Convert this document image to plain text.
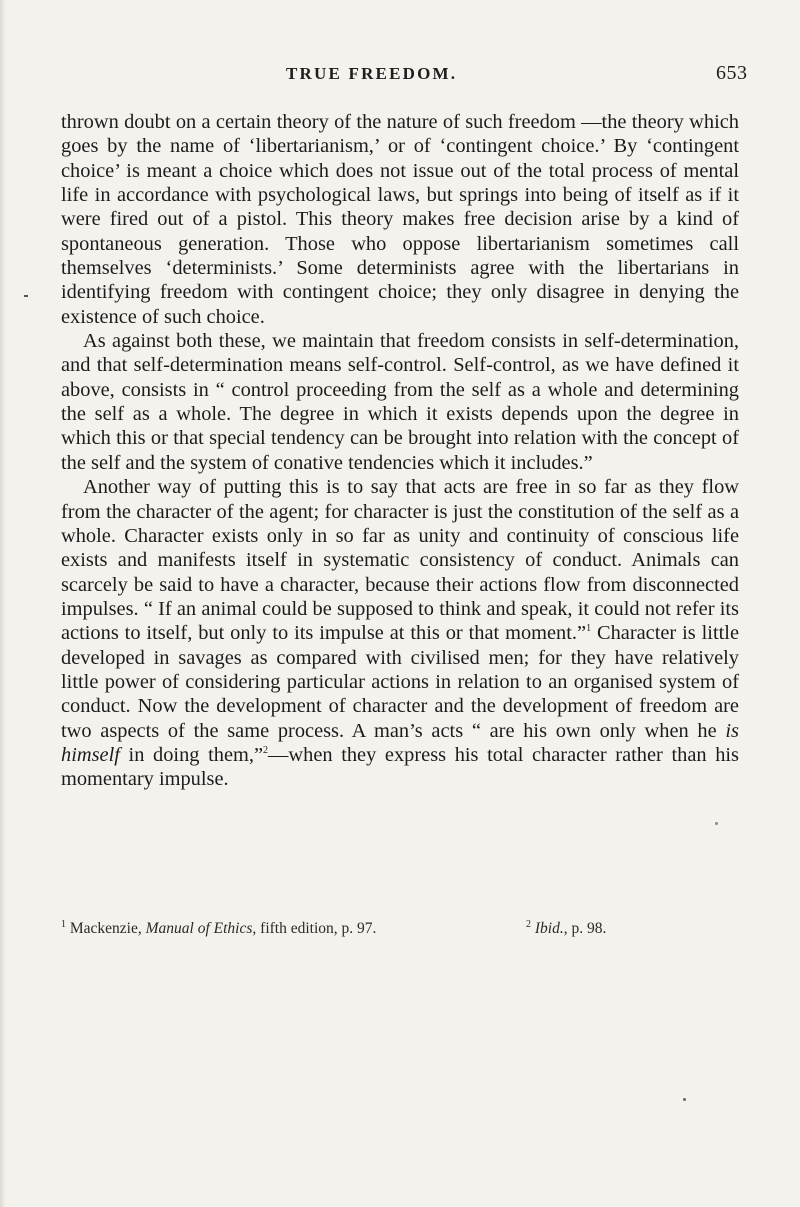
TRUE FREEDOM.	653

thrown doubt on a certain theory of the nature of such freedom —the theory which goes by the name of ‘libertarianism,’ or of ‘contingent choice.’ By ‘contingent choice’ is meant a choice which does not issue out of the total process of mental life in accordance with psychological laws, but springs into being of itself as if it were fired out of a pistol. This theory makes free decision arise by a kind of spontaneous generation. Those who oppose libertarianism sometimes call themselves ‘determinists.’ Some determinists agree with the libertarians in identifying freedom with contingent choice; they only disagree in denying the existence of such choice.

As against both these, we maintain that freedom consists in self-determination, and that self-determination means self-control. Self-control, as we have defined it above, consists in “ control proceeding from the self as a whole and determining the self as a whole. The degree in which it exists depends upon the degree in which this or that special tendency can be brought into relation with the concept of the self and the system of conative tendencies which it includes.”

Another way of putting this is to say that acts are free in so far as they flow from the character of the agent; for character is just the constitution of the self as a whole. Character exists only in so far as unity and continuity of conscious life exists and manifests itself in systematic consistency of conduct. Animals can scarcely be said to have a character, because their actions flow from disconnected impulses. “ If an animal could be supposed to think and speak, it could not refer its actions to itself, but only to its impulse at this or that moment.”$^1$ Character is little developed in savages as compared with civilised men; for they have relatively little power of considering particular actions in relation to an organised system of conduct. Now the development of character and the development of freedom are two aspects of the same process. A man’s acts “ are his own only when he is himself in doing them,”$^2$—when they express his total character rather than his momentary impulse.

$^1$ Mackenzie, Manual of Ethics, fifth edition, p. 97.	$^2$ Ibid., p. 98.
